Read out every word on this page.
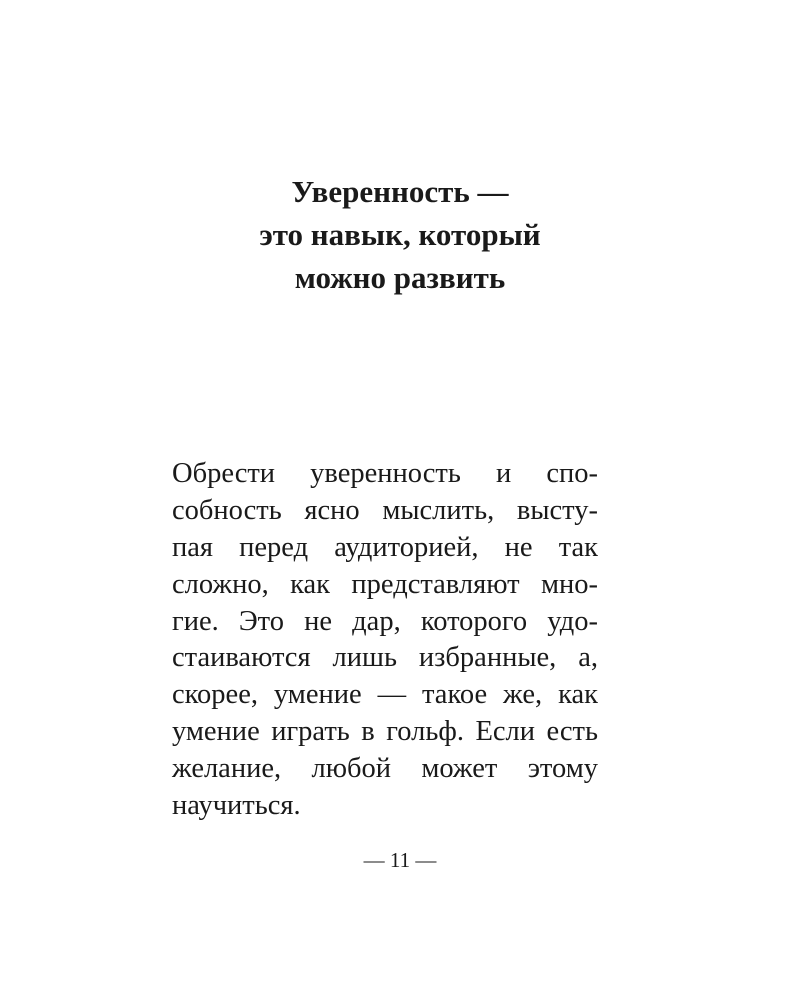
Уверенность —
это навык, который
можно развить

Обрести уверенность и спо-
собность ясно мыслить, высту-
пая перед аудиторией, не так
сложно, как представляют мно-
гие. Это не дар, которого удо-
стаиваются лишь избранные, а,
скорее, умение — такое же, как
умение играть в гольф. Если есть
желание, любой может этому
научиться.

— 11 —
